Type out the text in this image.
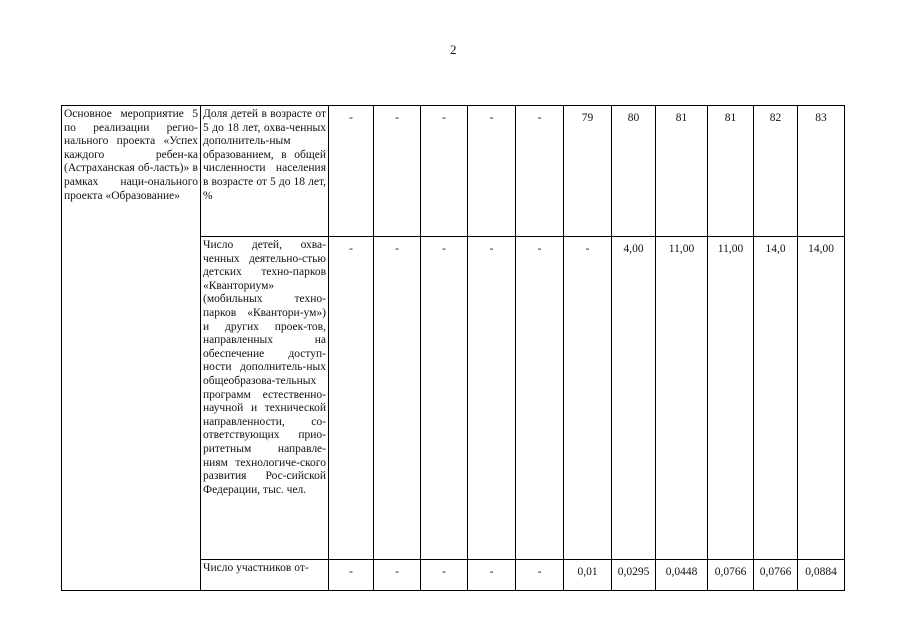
2
Основное мероприятие 5 по реализации регио-нального проекта «Успех каждого ребен-ка (Астраханская об-ласть)» в рамках наци-онального проекта «Образование»	Доля детей в возрасте от 5 до 18 лет, охва-ченных дополнитель-ным образованием, в общей численности населения в возрасте от 5 до 18 лет, %	-	-	-	-	-	79	80	81	81	82	83
	Число детей, охва-ченных деятельно-стью детских техно-парков «Кванториум» (мобильных техно-парков «Квантори-ум») и других проек-тов, направленных на обеспечение доступ-ности дополнитель-ных общеобразова-тельных программ естественно-научной и технической направленности, со-ответствующих прио-ритетным направле-ниям технологиче-ского развития Рос-сийской Федерации, тыс. чел.	-	-	-	-	-	-	4,00	11,00	11,00	14,0	14,00
	Число участников от-	-	-	-	-	-	0,01	0,0295	0,0448	0,0766	0,0766	0,0884
